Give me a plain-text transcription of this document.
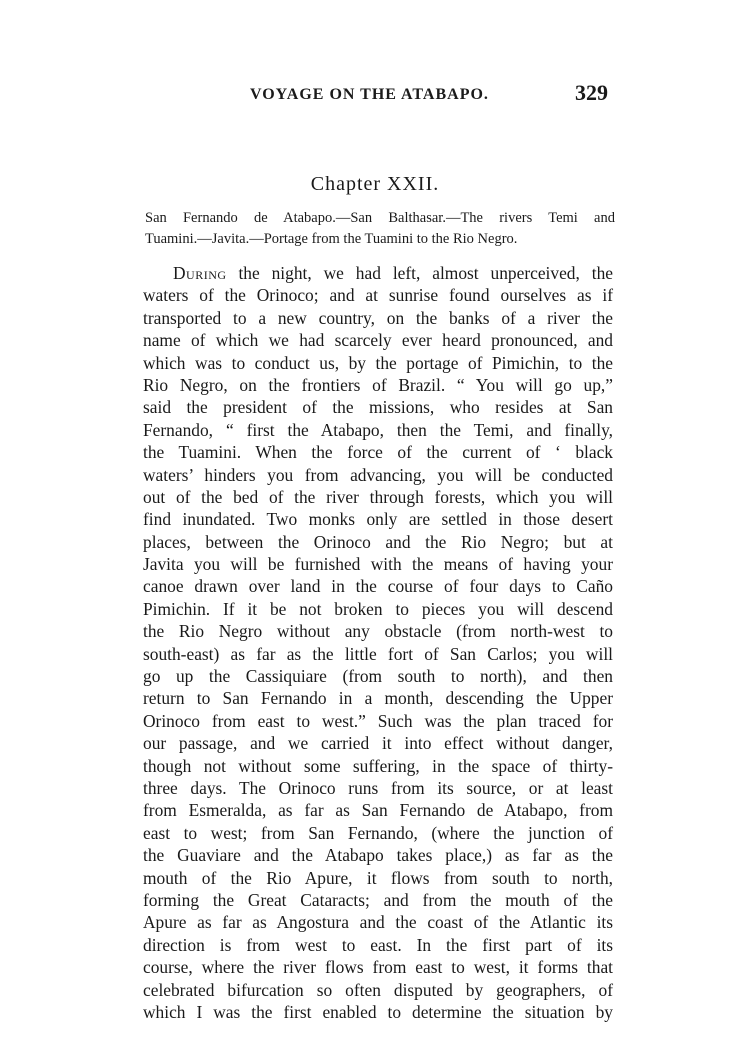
VOYAGE ON THE ATABAPO.	329
Chapter XXII.
San Fernando de Atabapo.—San Balthasar.—The rivers Temi and
Tuamini.—Javita.—Portage from the Tuamini to the Rio Negro.
During the night, we had left, almost unperceived, the
waters of the Orinoco; and at sunrise found ourselves as if
transported to a new country, on the banks of a river the
name of which we had scarcely ever heard pronounced, and
which was to conduct us, by the portage of Pimichin, to the
Rio Negro, on the frontiers of Brazil. “ You will go up,”
said the president of the missions, who resides at San
Fernando, “ first the Atabapo, then the Temi, and finally,
the Tuamini. When the force of the current of ‘ black
waters’ hinders you from advancing, you will be conducted
out of the bed of the river through forests, which you will
find inundated. Two monks only are settled in those desert
places, between the Orinoco and the Rio Negro; but at
Javita you will be furnished with the means of having your
canoe drawn over land in the course of four days to Caño
Pimichin. If it be not broken to pieces you will descend
the Rio Negro without any obstacle (from north-west to
south-east) as far as the little fort of San Carlos; you will
go up the Cassiquiare (from south to north), and then
return to San Fernando in a month, descending the Upper
Orinoco from east to west.” Such was the plan traced for
our passage, and we carried it into effect without danger,
though not without some suffering, in the space of thirty-
three days. The Orinoco runs from its source, or at least
from Esmeralda, as far as San Fernando de Atabapo, from
east to west; from San Fernando, (where the junction of
the Guaviare and the Atabapo takes place,) as far as the
mouth of the Rio Apure, it flows from south to north,
forming the Great Cataracts; and from the mouth of the
Apure as far as Angostura and the coast of the Atlantic its
direction is from west to east. In the first part of its
course, where the river flows from east to west, it forms that
celebrated bifurcation so often disputed by geographers, of
which I was the first enabled to determine the situation by
